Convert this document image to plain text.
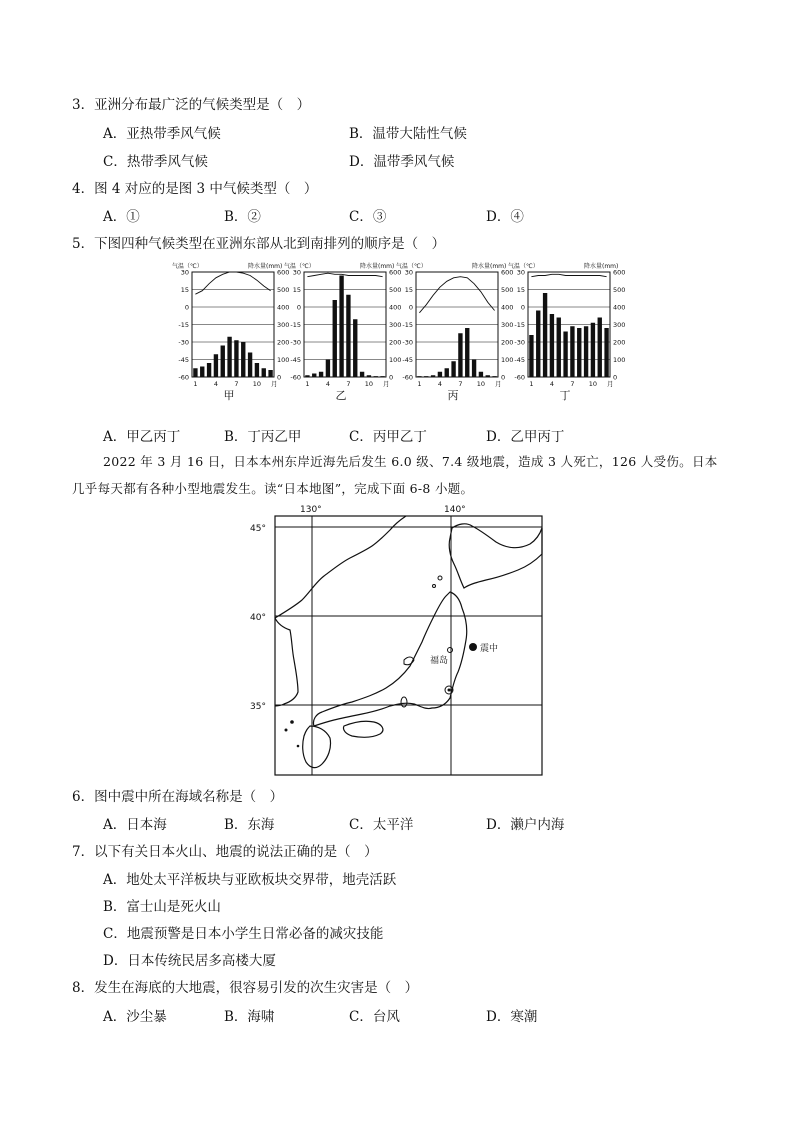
3．亚洲分布最广泛的气候类型是（　）
A．亚热带季风气候	B．温带大陆性气候
C．热带季风气候	D．温带季风气候
4．图 4 对应的是图 3 中气候类型（　）
A．①	B．②	C．③	D．④
5．下图四种气候类型在亚洲东部从北到南排列的顺序是（　）
气温（℃）	降水量(mm)
30
15
0
-15
-30
-45
-60
600
500
400
300
200
100
0
1	4	7 10 月
甲
气温（℃）	降水量(mm)
30
15
0
-15
-30
-45
-60
600
500
400
300
200
100
0
1	4	7 10 月
乙
气温（℃）	降水量(mm)
30
15
0
-15
-30
-45
-60
600
500
400
300
200
100
0
1	4	7 10 月
丙
气温（℃）	降水量(mm)
30
15
0
-15
-30
-45
-60
600
500
400
300
200
100
0
1	4	7 10 月
丁
A．甲乙丙丁	B．丁丙乙甲	C．丙甲乙丁	D．乙甲丙丁
2022 年 3 月 16 日，日本本州东岸近海先后发生 6.0 级、7.4 级地震，造成 3 人死亡，126 人受伤。日本
几乎每天都有各种小型地震发生。读“日本地图”，完成下面 6-8 小题。
福岛
震中
130°	140°
45°
40°
35°
6．图中震中所在海域名称是（　）
A．日本海	B．东海	C．太平洋	D．濑户内海
7．以下有关日本火山、地震的说法正确的是（　）
A．地处太平洋板块与亚欧板块交界带，地壳活跃
B．富士山是死火山
C．地震预警是日本小学生日常必备的减灾技能
D．日本传统民居多高楼大厦
8．发生在海底的大地震，很容易引发的次生灾害是（　）
A．沙尘暴	B．海啸	C．台风	D．寒潮
